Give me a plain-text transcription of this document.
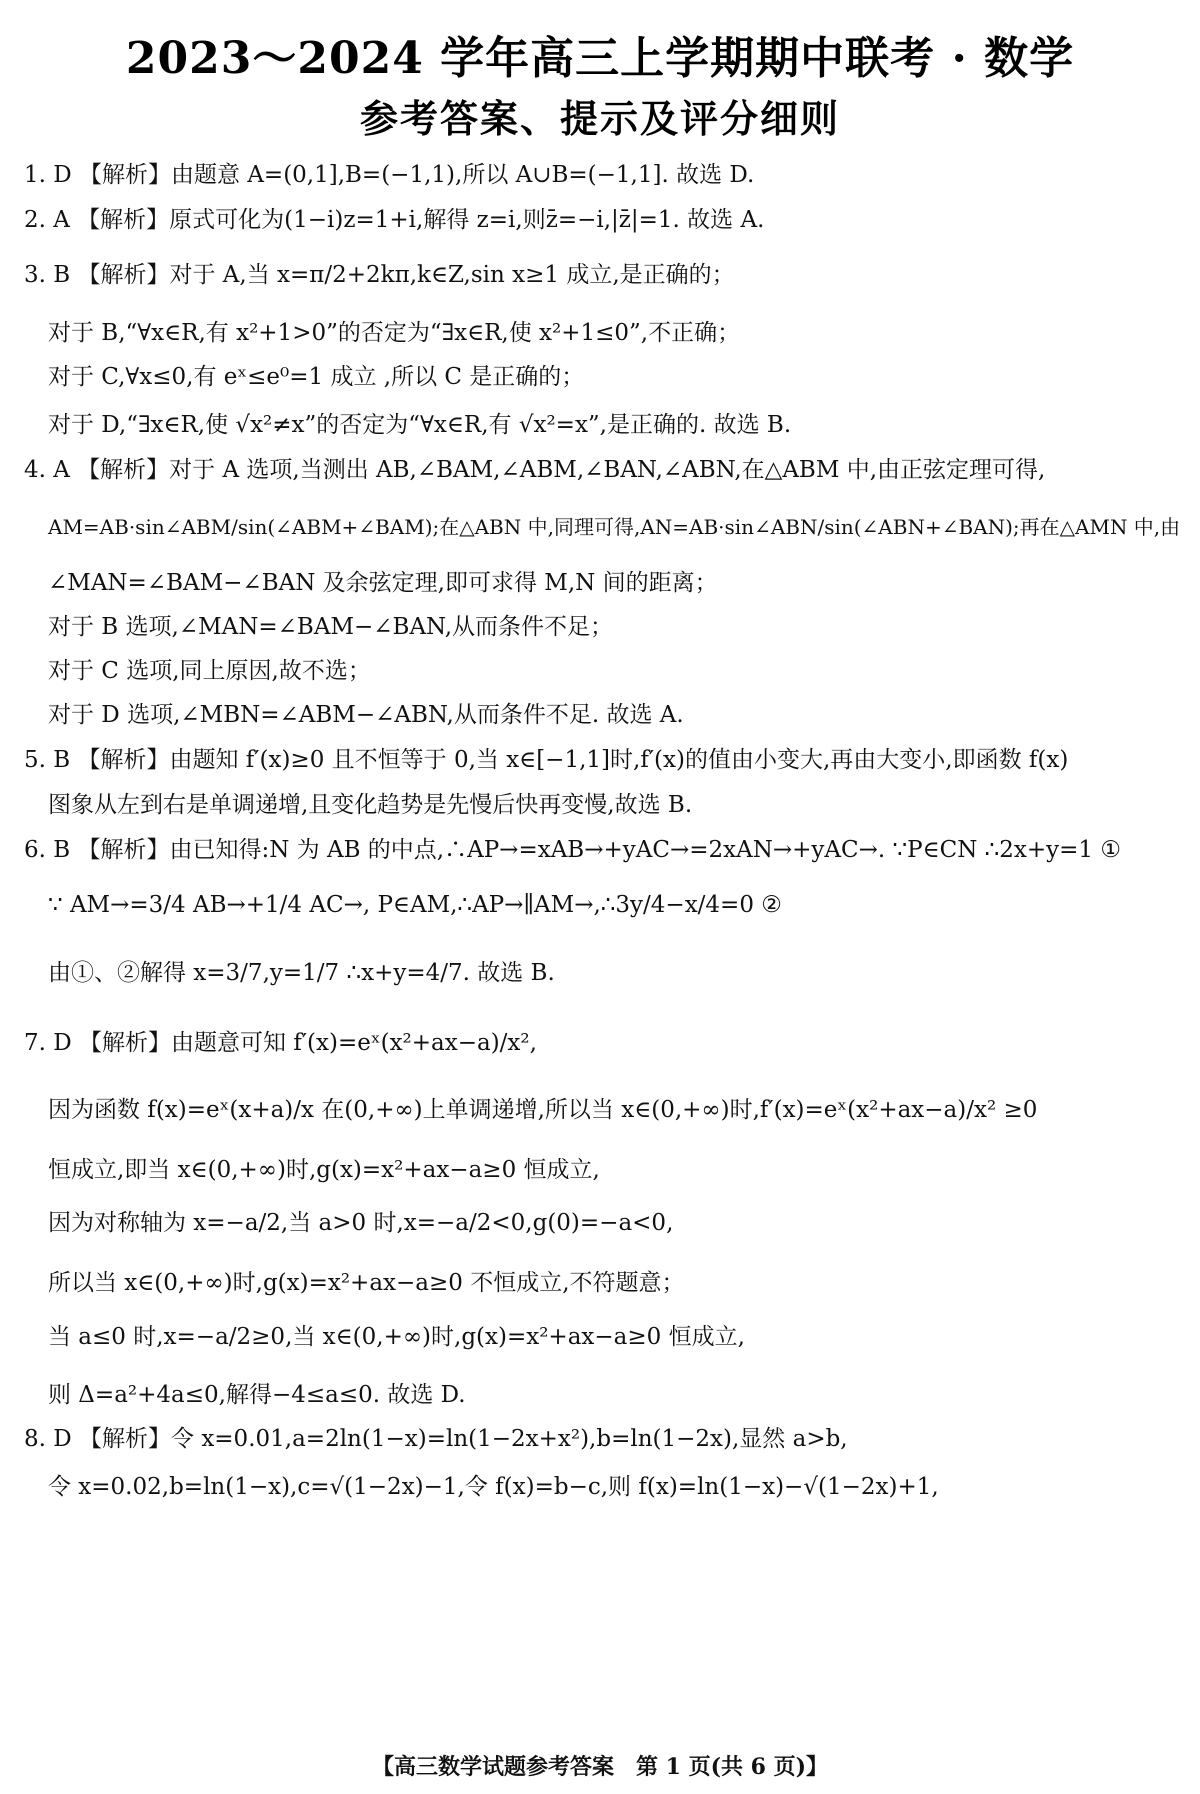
2023～2024 学年高三上学期期中联考 · 数学
参考答案、提示及评分细则
1. D 【解析】由题意 A=(0,1],B=(−1,1),所以 A∪B=(−1,1]. 故选 D.
2. A 【解析】原式可化为(1−i)z=1+i,解得 z=i,则z̄=−i,|z̄|=1. 故选 A.
3. B 【解析】对于 A,当 x=π/2+2kπ,k∈Z,sin x≥1 成立,是正确的；
对于 B,“∀x∈R,有 x²+1>0”的否定为“∃x∈R,使 x²+1≤0”,不正确；
对于 C,∀x≤0,有 eˣ≤e⁰=1 成立 ,所以 C 是正确的；
对于 D,“∃x∈R,使 √x²≠x”的否定为“∀x∈R,有 √x²=x”,是正确的. 故选 B.
4. A 【解析】对于 A 选项,当测出 AB,∠BAM,∠ABM,∠BAN,∠ABN,在△ABM 中,由正弦定理可得,
AM=AB·sin∠ABM/sin(∠ABM+∠BAM);在△ABN 中,同理可得,AN=AB·sin∠ABN/sin(∠ABN+∠BAN);再在△AMN 中,由
∠MAN=∠BAM−∠BAN 及余弦定理,即可求得 M,N 间的距离；
对于 B 选项,∠MAN=∠BAM−∠BAN,从而条件不足；
对于 C 选项,同上原因,故不选；
对于 D 选项,∠MBN=∠ABM−∠ABN,从而条件不足. 故选 A.
5. B 【解析】由题知 f′(x)≥0 且不恒等于 0,当 x∈[−1,1]时,f′(x)的值由小变大,再由大变小,即函数 f(x)
图象从左到右是单调递增,且变化趋势是先慢后快再变慢,故选 B.
6. B 【解析】由已知得:N 为 AB 的中点,∴AP→=xAB→+yAC→=2xAN→+yAC→. ∵P∈CN ∴2x+y=1 ①
∵ AM→=3/4 AB→+1/4 AC→, P∈AM,∴AP→∥AM→,∴3y/4−x/4=0 ②
由①、②解得 x=3/7,y=1/7 ∴x+y=4/7. 故选 B.
7. D 【解析】由题意可知 f′(x)=eˣ(x²+ax−a)/x²,
因为函数 f(x)=eˣ(x+a)/x 在(0,+∞)上单调递增,所以当 x∈(0,+∞)时,f′(x)=eˣ(x²+ax−a)/x² ≥0
恒成立,即当 x∈(0,+∞)时,g(x)=x²+ax−a≥0 恒成立,
因为对称轴为 x=−a/2,当 a>0 时,x=−a/2<0,g(0)=−a<0,
所以当 x∈(0,+∞)时,g(x)=x²+ax−a≥0 不恒成立,不符题意；
当 a≤0 时,x=−a/2≥0,当 x∈(0,+∞)时,g(x)=x²+ax−a≥0 恒成立,
则 Δ=a²+4a≤0,解得−4≤a≤0. 故选 D.
8. D 【解析】令 x=0.01,a=2ln(1−x)=ln(1−2x+x²),b=ln(1−2x),显然 a>b,
令 x=0.02,b=ln(1−x),c=√(1−2x)−1,令 f(x)=b−c,则 f(x)=ln(1−x)−√(1−2x)+1,
【高三数学试题参考答案　第 1 页(共 6 页)】
